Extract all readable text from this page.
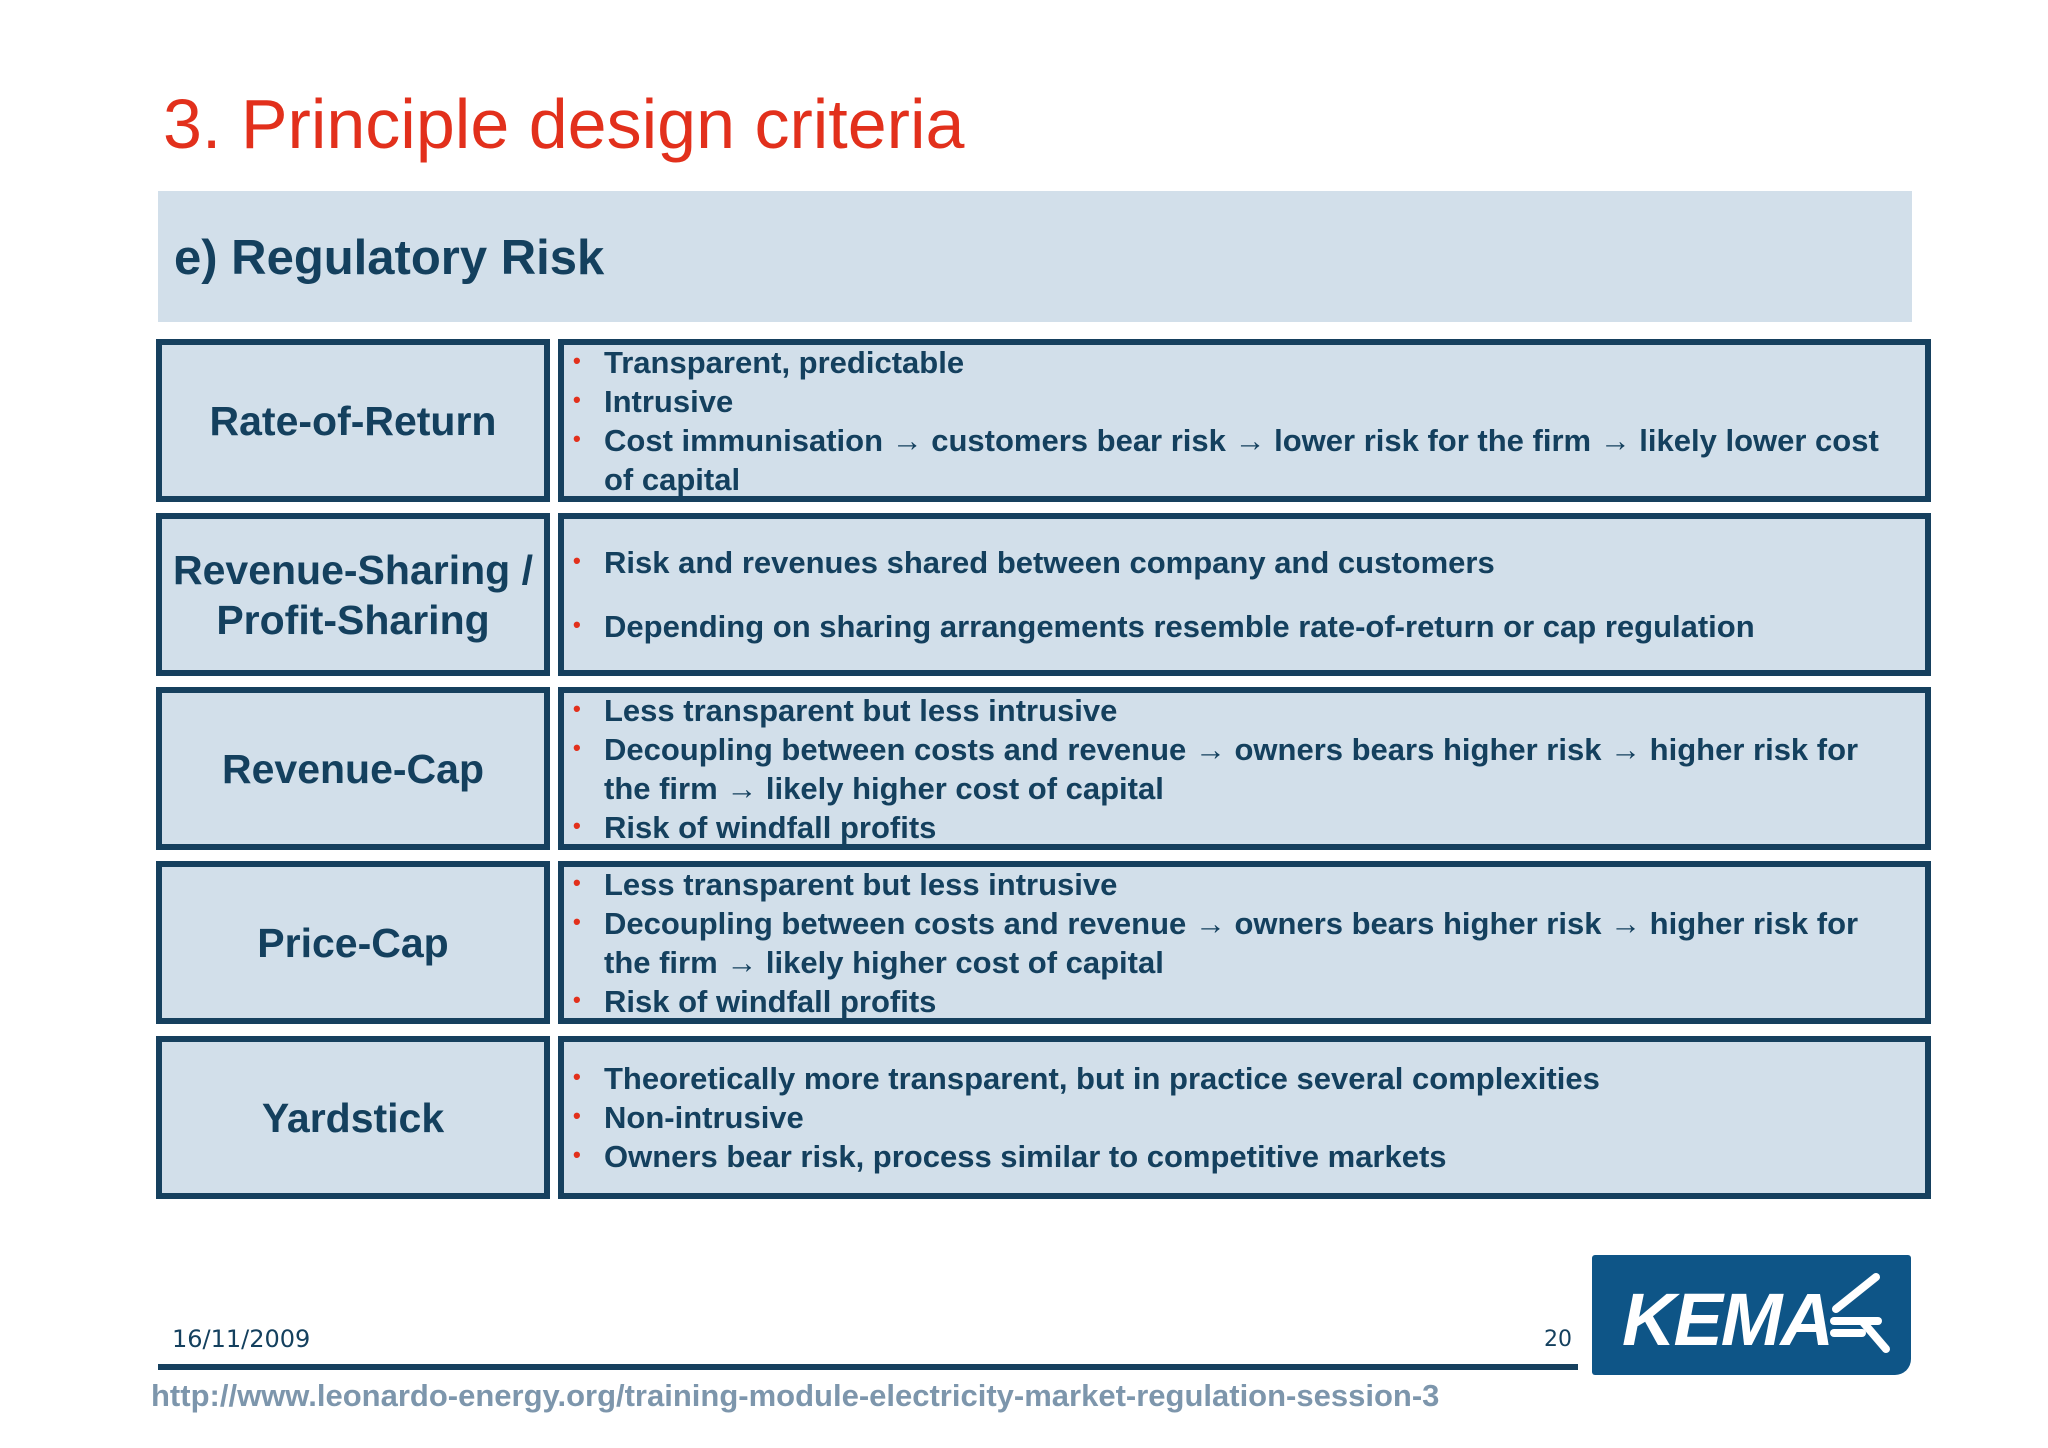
3. Principle design criteria
e) Regulatory Risk
Rate-of-Return
• Transparent, predictable
• Intrusive
• Cost immunisation → customers bear risk → lower risk for the firm → likely lower cost of capital
Revenue-Sharing / Profit-Sharing
• Risk and revenues shared between company and customers
• Depending on sharing arrangements resemble rate-of-return or cap regulation
Revenue-Cap
• Less transparent but less intrusive
• Decoupling between costs and revenue → owners bears higher risk → higher risk for the firm → likely higher cost of capital
• Risk of windfall profits
Price-Cap
• Less transparent but less intrusive
• Decoupling between costs and revenue → owners bears higher risk → higher risk for the firm → likely higher cost of capital
• Risk of windfall profits
Yardstick
• Theoretically more transparent, but in practice several complexities
• Non-intrusive
• Owners bear risk, process similar to competitive markets
16/11/2009	20
http://www.leonardo-energy.org/training-module-electricity-market-regulation-session-3
KEMA
